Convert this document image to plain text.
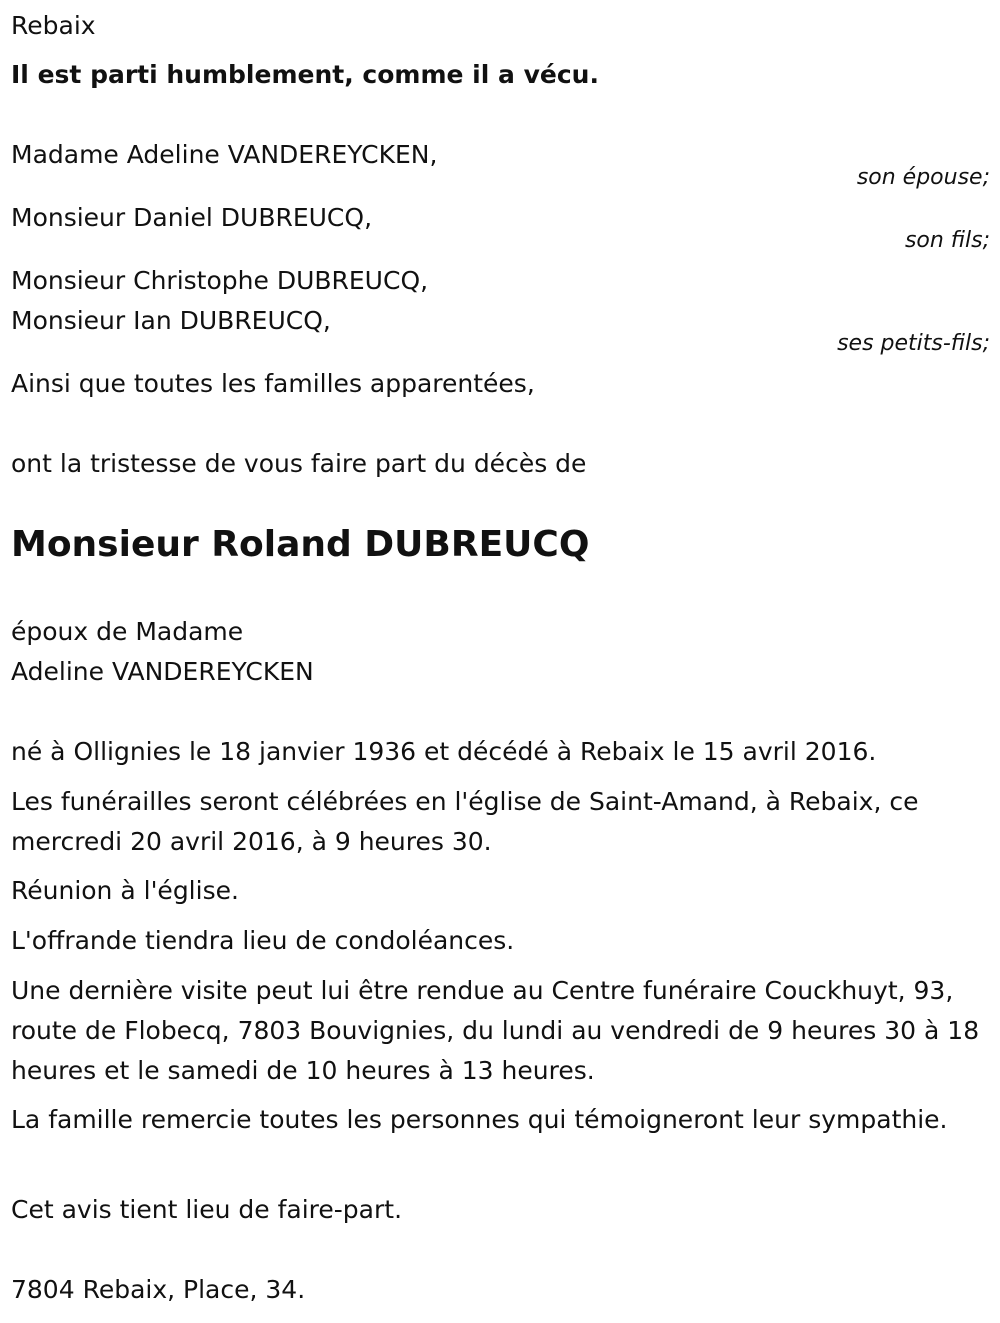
Rebaix
Il est parti humblement, comme il a vécu.
Madame Adeline VANDEREYCKEN,
son épouse;
Monsieur Daniel DUBREUCQ,
son fils;
Monsieur Christophe DUBREUCQ,
Monsieur Ian DUBREUCQ,
ses petits-fils;
Ainsi que toutes les familles apparentées,
ont la tristesse de vous faire part du décès de
Monsieur Roland DUBREUCQ
époux de Madame
Adeline VANDEREYCKEN
né à Ollignies le 18 janvier 1936 et décédé à Rebaix le 15 avril 2016.

Les funérailles seront célébrées en l'église de Saint-Amand, à Rebaix, ce mercredi 20 avril 2016, à 9 heures 30.

Réunion à l'église.
L'offrande tiendra lieu de condoléances.

Une dernière visite peut lui être rendue au Centre funéraire Couckhuyt, 93, route de Flobecq, 7803 Bouvignies, du lundi au vendredi de 9 heures 30 à 18 heures et le samedi de 10 heures à 13 heures.

La famille remercie toutes les personnes qui témoigneront leur sympathie.

Cet avis tient lieu de faire-part.
7804 Rebaix, Place, 34.
